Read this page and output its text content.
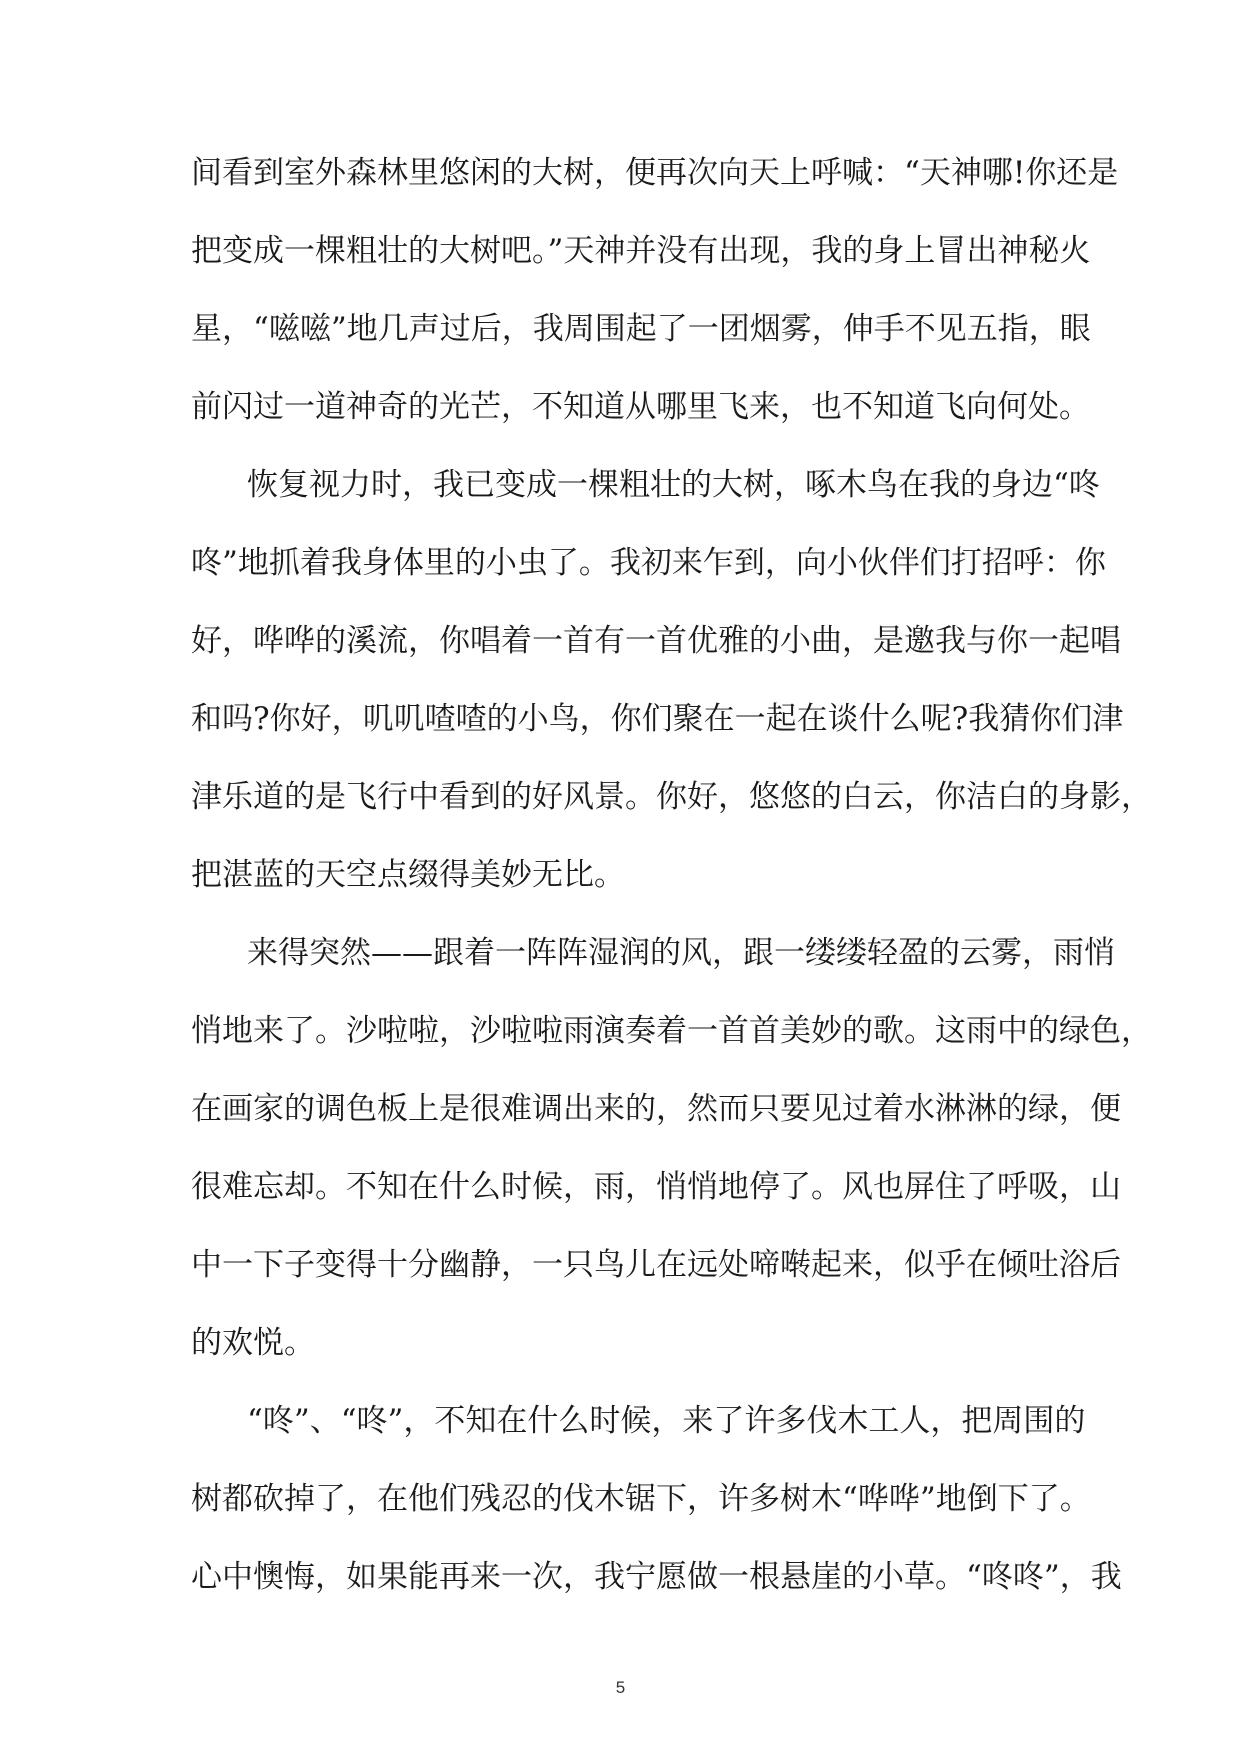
间看到室外森林里悠闲的大树，便再次向天上呼喊：“天神哪!你还是
把变成一棵粗壮的大树吧。”天神并没有出现，我的身上冒出神秘火
星，“嗞嗞”地几声过后，我周围起了一团烟雾，伸手不见五指，眼
前闪过一道神奇的光芒，不知道从哪里飞来，也不知道飞向何处。
恢复视力时，我已变成一棵粗壮的大树，啄木鸟在我的身边“咚
咚”地抓着我身体里的小虫了。我初来乍到，向小伙伴们打招呼：你
好，哗哗的溪流，你唱着一首有一首优雅的小曲，是邀我与你一起唱
和吗?你好，叽叽喳喳的小鸟，你们聚在一起在谈什么呢?我猜你们津
津乐道的是飞行中看到的好风景。你好，悠悠的白云，你洁白的身影，
把湛蓝的天空点缀得美妙无比。
来得突然——跟着一阵阵湿润的风，跟一缕缕轻盈的云雾，雨悄
悄地来了。沙啦啦，沙啦啦雨演奏着一首首美妙的歌。这雨中的绿色，
在画家的调色板上是很难调出来的，然而只要见过着水淋淋的绿，便
很难忘却。不知在什么时候，雨，悄悄地停了。风也屏住了呼吸，山
中一下子变得十分幽静，一只鸟儿在远处啼啭起来，似乎在倾吐浴后
的欢悦。
“咚”、“咚”，不知在什么时候，来了许多伐木工人，把周围的
树都砍掉了，在他们残忍的伐木锯下，许多树木“哗哗”地倒下了。
心中懊悔，如果能再来一次，我宁愿做一根悬崖的小草。“咚咚”，我
5
